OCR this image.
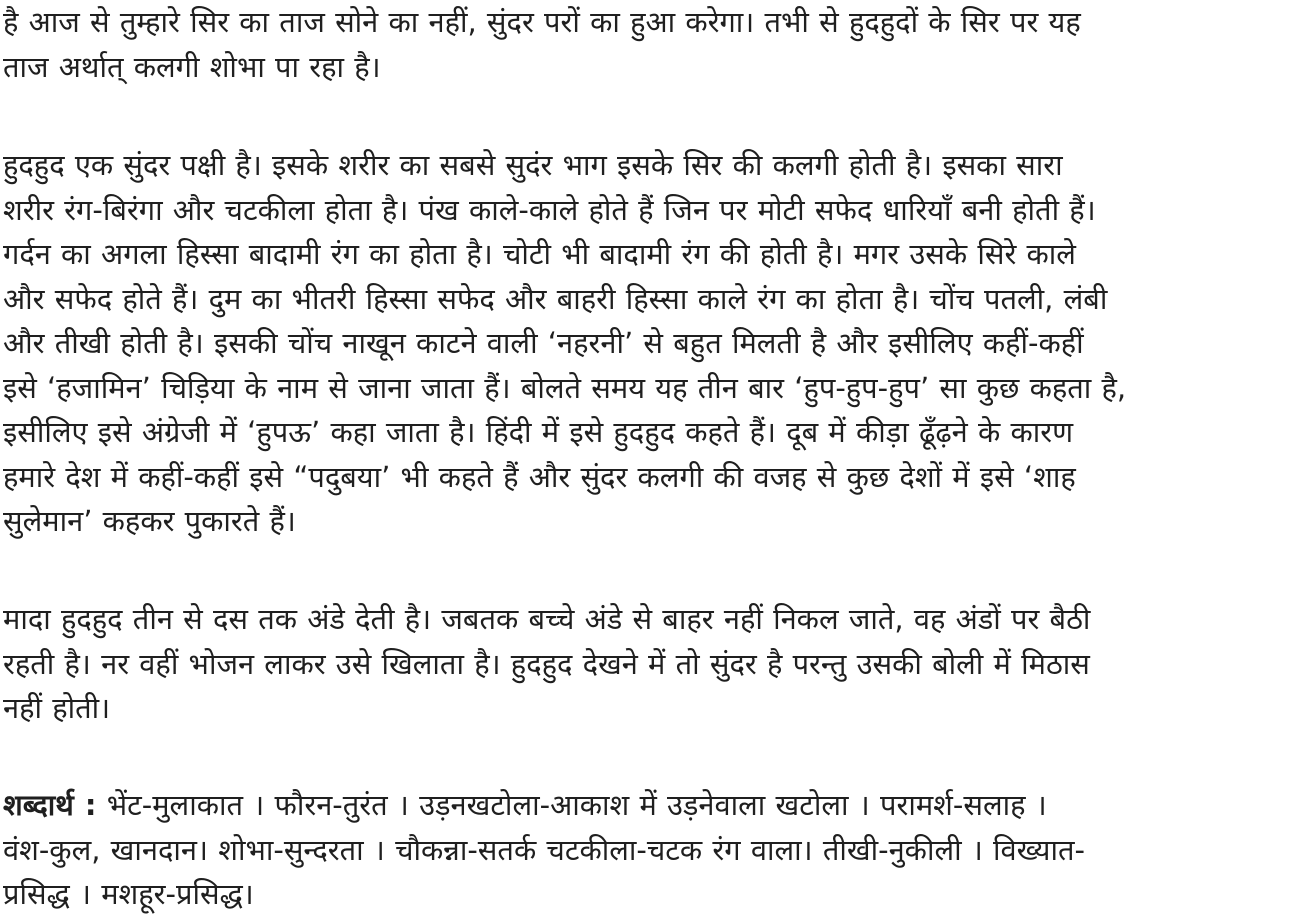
है आज से तुम्हारे सिर का ताज सोने का नहीं, सुंदर परों का हुआ करेगा। तभी से हुदहुदों के सिर पर यह
ताज अर्थात् कलगी शोभा पा रहा है।
हुदहुद एक सुंदर पक्षी है। इसके शरीर का सबसे सुदंर भाग इसके सिर की कलगी होती है। इसका सारा
शरीर रंग-बिरंगा और चटकीला होता है। पंख काले-काले होते हैं जिन पर मोटी सफेद धारियाँ बनी होती हैं।
गर्दन का अगला हिस्सा बादामी रंग का होता है। चोटी भी बादामी रंग की होती है। मगर उसके सिरे काले
और सफेद होते हैं। दुम का भीतरी हिस्सा सफेद और बाहरी हिस्सा काले रंग का होता है। चोंच पतली, लंबी
और तीखी होती है। इसकी चोंच नाखून काटने वाली ‘नहरनी’ से बहुत मिलती है और इसीलिए कहीं-कहीं
इसे ‘हजामिन’ चिड़िया के नाम से जाना जाता हैं। बोलते समय यह तीन बार ‘हुप-हुप-हुप’ सा कुछ कहता है,
इसीलिए इसे अंग्रेजी में ‘हुपऊ’ कहा जाता है। हिंदी में इसे हुदहुद कहते हैं। दूब में कीड़ा ढूँढ़ने के कारण
हमारे देश में कहीं-कहीं इसे “पदुबया’ भी कहते हैं और सुंदर कलगी की वजह से कुछ देशों में इसे ‘शाह
सुलेमान’ कहकर पुकारते हैं।
मादा हुदहुद तीन से दस तक अंडे देती है। जबतक बच्चे अंडे से बाहर नहीं निकल जाते, वह अंडों पर बैठी
रहती है। नर वहीं भोजन लाकर उसे खिलाता है। हुदहुद देखने में तो सुंदर है परन्तु उसकी बोली में मिठास
नहीं होती।
शब्दार्थ : भेंट-मुलाकात । फौरन-तुरंत । उड़नखटोला-आकाश में उड़नेवाला खटोला । परामर्श-सलाह ।
वंश-कुल, खानदान। शोभा-सुन्दरता । चौकन्ना-सतर्क चटकीला-चटक रंग वाला। तीखी-नुकीली । विख्यात-
प्रसिद्ध । मशहूर-प्रसिद्ध।
